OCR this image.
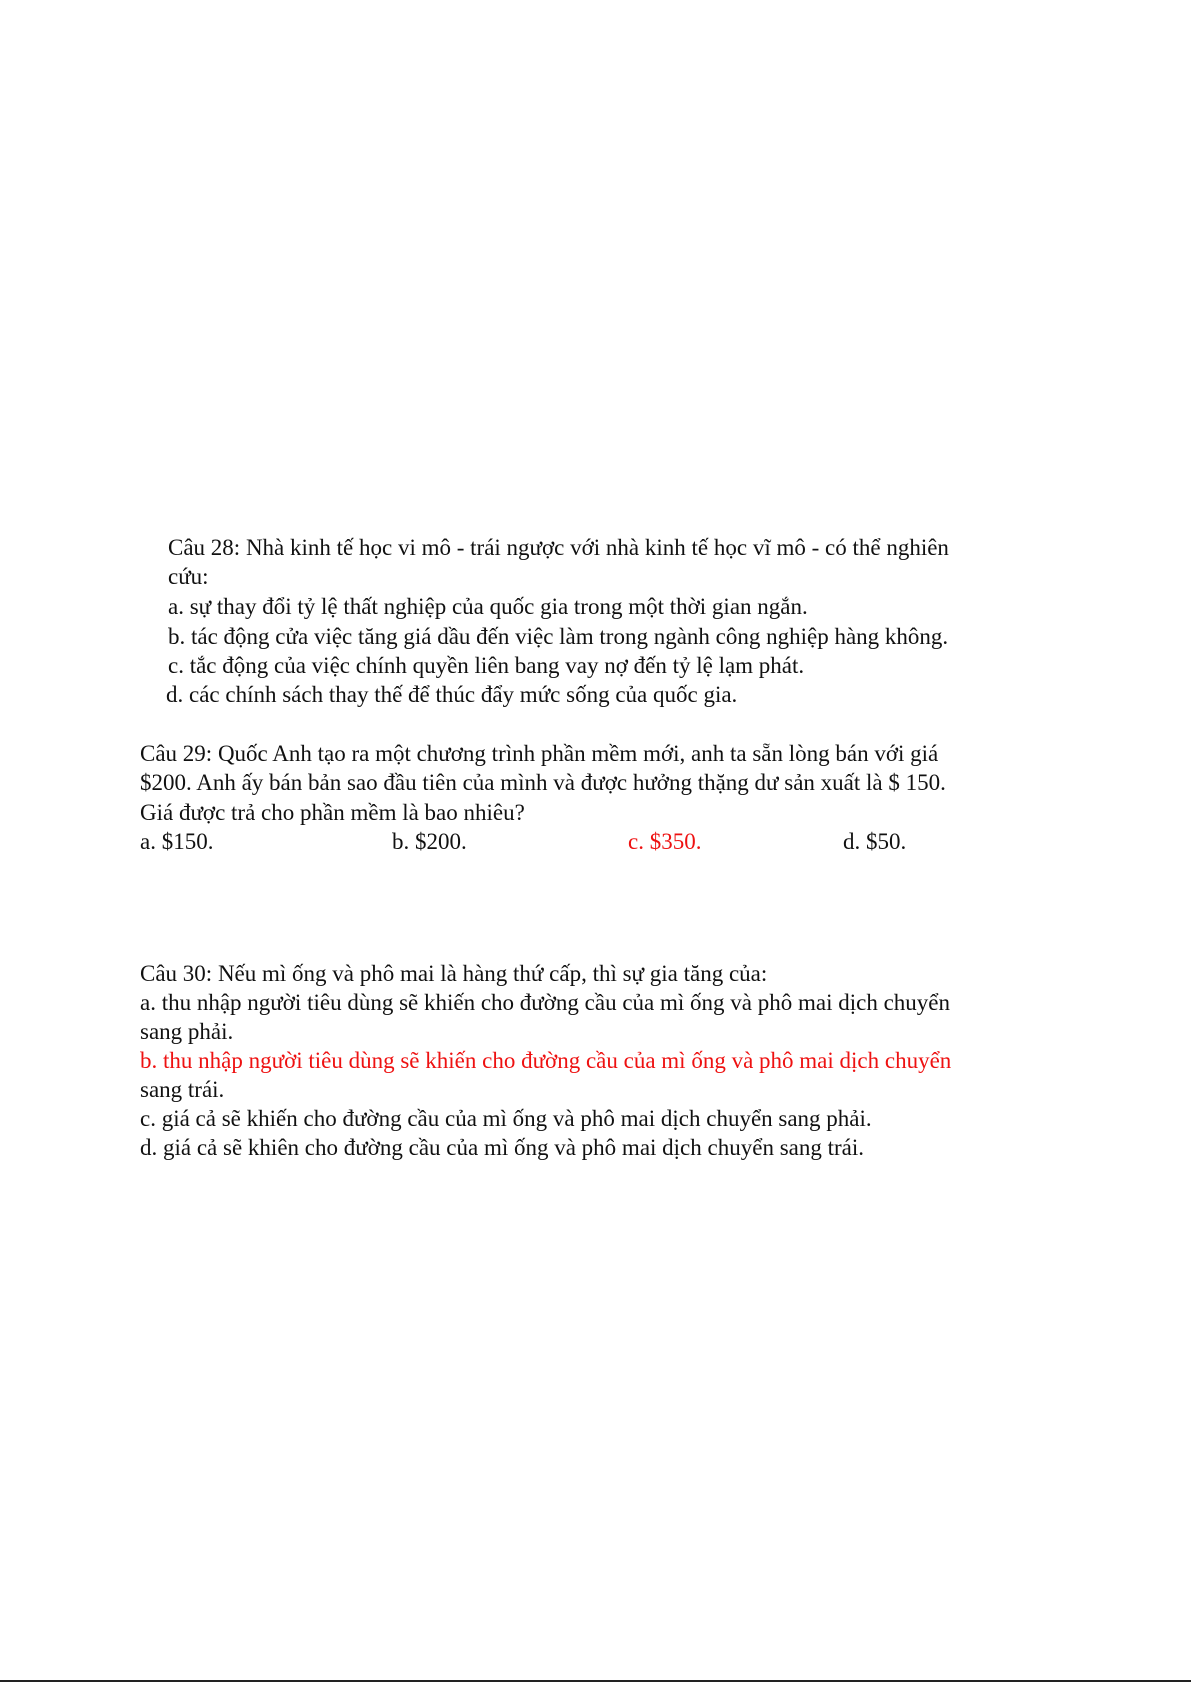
Câu 28: Nhà kinh tế học vi mô - trái ngược với nhà kinh tế học vĩ mô - có thể nghiên
cứu:
a. sự thay đổi tỷ lệ thất nghiệp của quốc gia trong một thời gian ngắn.
b. tác động cửa việc tăng giá dầu đến việc làm trong ngành công nghiệp hàng không.
c. tắc động của việc chính quyền liên bang vay nợ đến tỷ lệ lạm phát.
d. các chính sách thay thế để thúc đẩy mức sống của quốc gia.
Câu 29: Quốc Anh tạo ra một chương trình phần mềm mới, anh ta sẵn lòng bán với giá
$200. Anh ấy bán bản sao đầu tiên của mình và được hưởng thặng dư sản xuất là $ 150.
Giá được trả cho phần mềm là bao nhiêu?
a. $150.	b. $200.	c. $350.	d. $50.
Câu 30: Nếu mì ống và phô mai là hàng thứ cấp, thì sự gia tăng của:
a. thu nhập người tiêu dùng sẽ khiến cho đường cầu của mì ống và phô mai dịch chuyển
sang phải.
b. thu nhập người tiêu dùng sẽ khiến cho đường cầu của mì ống và phô mai dịch chuyển
sang trái.
c. giá cả sẽ khiến cho đường cầu của mì ống và phô mai dịch chuyển sang phải.
d. giá cả sẽ khiên cho đường cầu của mì ống và phô mai dịch chuyển sang trái.
